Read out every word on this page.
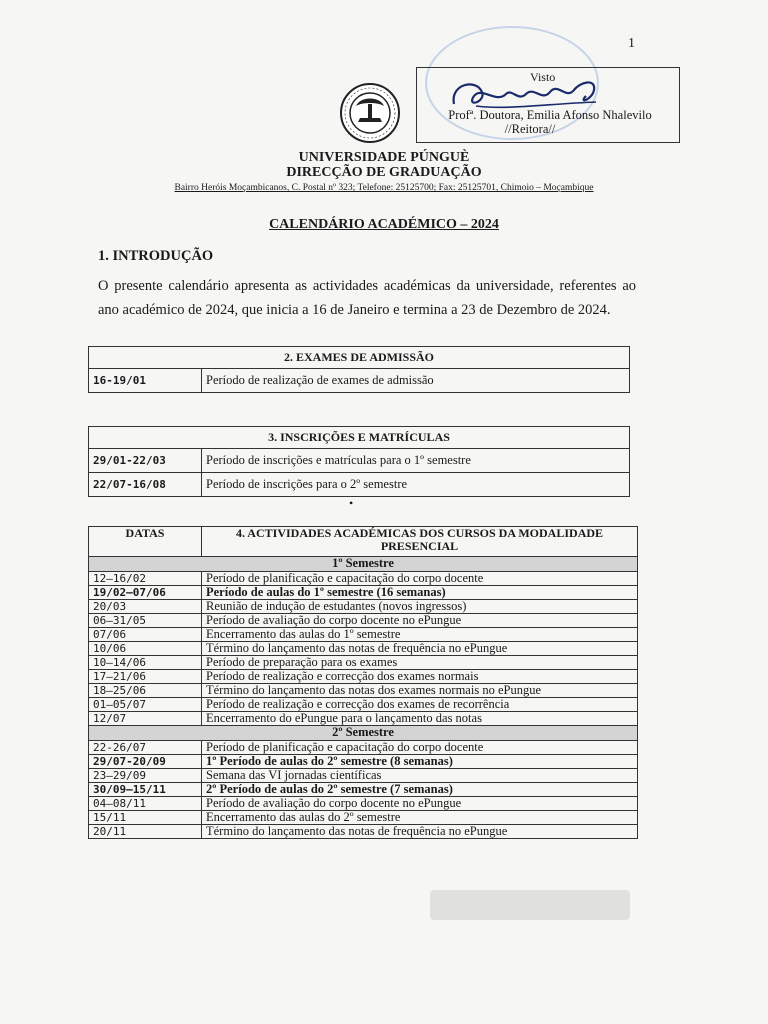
1
Visto
Profª. Doutora, Emilia Afonso Nhalevilo
//Reitora//
UNIVERSIDADE PÚNGUÈ
DIRECÇÃO DE GRADUAÇÃO
Bairro Heróis Moçambicanos, C. Postal nº 323; Telefone: 25125700; Fax: 25125701, Chimoio – Moçambique
CALENDÁRIO ACADÉMICO – 2024
1. INTRODUÇÃO
O presente calendário apresenta as actividades académicas da universidade, referentes ao ano académico de 2024, que inicia a 16 de Janeiro e termina a 23 de Dezembro de 2024.
2. EXAMES DE ADMISSÃO
16-19/01	Período de realização de exames de admissão
3. INSCRIÇÕES E MATRÍCULAS	
29/01-22/03	Período de inscrições e matrículas para o 1º semestre
22/07-16/08	Período de inscrições para o 2º semestre
•
DATAS	4. ACTIVIDADES ACADÉMICAS DOS CURSOS DA MODALIDADE PRESENCIAL
1º Semestre	
12–16/02	Período de planificação e capacitação do corpo docente
19/02–07/06	Período de aulas do 1º semestre (16 semanas)
20/03	Reunião de indução de estudantes (novos ingressos)
06–31/05	Período de avaliação do corpo docente no ePungue
07/06	Encerramento das aulas do 1º semestre
10/06	Término do lançamento das notas de frequência no ePungue
10–14/06	Período de preparação para os exames
17–21/06	Período de realização e correcção dos exames normais
18–25/06	Término do lançamento das notas dos exames normais no ePungue
01–05/07	Período de realização e correcção dos exames de recorrência
12/07	Encerramento do ePungue para o lançamento das notas
2º Semestre	
22-26/07	Período de planificação e capacitação do corpo docente
29/07-20/09	1º Período de aulas do 2º semestre (8 semanas)
23–29/09	Semana das VI jornadas científicas
30/09–15/11	2º Período de aulas do 2º semestre (7 semanas)
04–08/11	Período de avaliação do corpo docente no ePungue
15/11	Encerramento das aulas do 2º semestre
20/11	Término do lançamento das notas de frequência no ePungue
